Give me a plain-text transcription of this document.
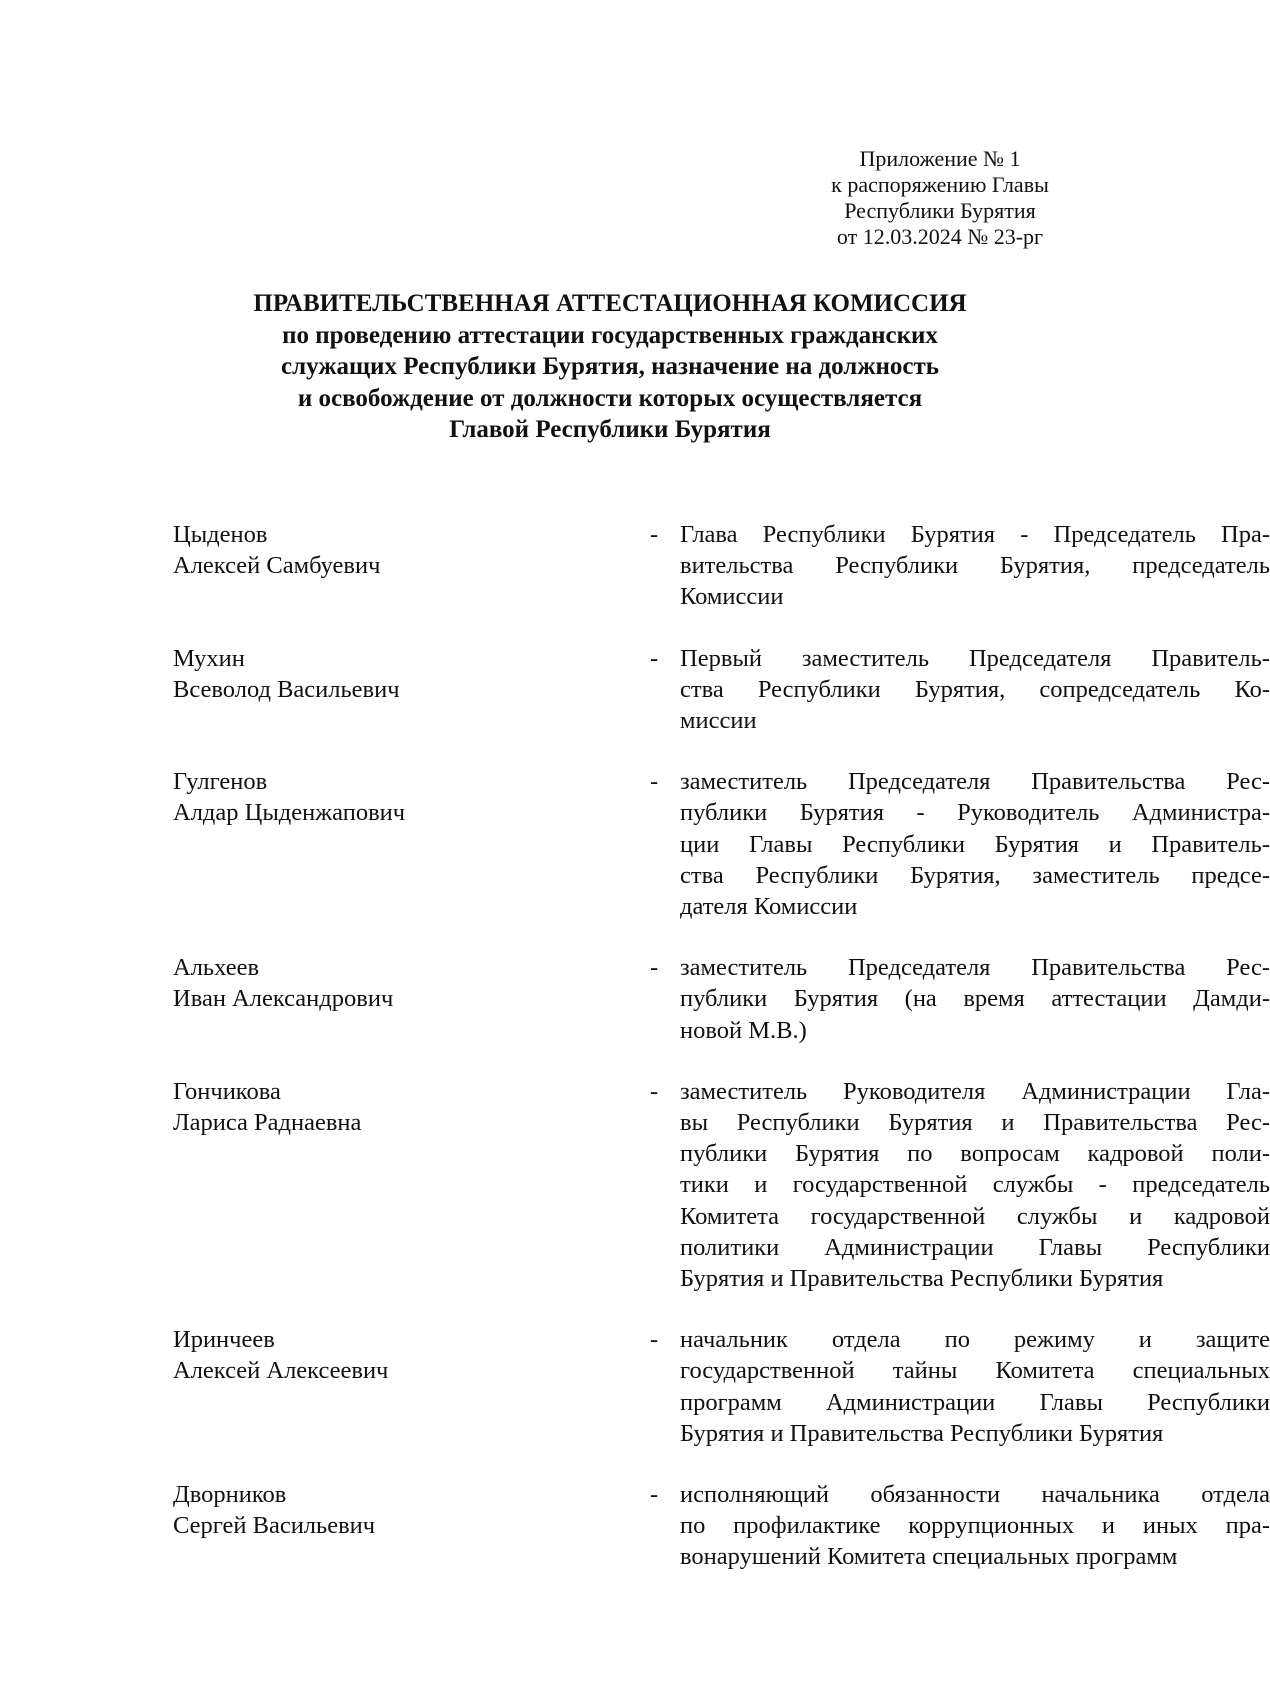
Приложение № 1
к распоряжению Главы
Республики Бурятия
от 12.03.2024 № 23-рг
ПРАВИТЕЛЬСТВЕННАЯ АТТЕСТАЦИОННАЯ КОМИССИЯ
по проведению аттестации государственных гражданских
служащих Республики Бурятия, назначение на должность
и освобождение от должности которых осуществляется
Главой Республики Бурятия
Цыденов
Алексей Самбуевич
- Глава Республики Бурятия - Председатель Пра-
вительства Республики Бурятия, председатель
Комиссии
Мухин
Всеволод Васильевич
- Первый заместитель Председателя Правитель-
ства Республики Бурятия, сопредседатель Ко-
миссии
Гулгенов
Алдар Цыденжапович
- заместитель Председателя Правительства Рес-
публики Бурятия - Руководитель Администра-
ции Главы Республики Бурятия и Правитель-
ства Республики Бурятия, заместитель предсе-
дателя Комиссии
Альхеев
Иван Александрович
- заместитель Председателя Правительства Рес-
публики Бурятия (на время аттестации Дамди-
новой М.В.)
Гончикова
Лариса Раднаевна
- заместитель Руководителя Администрации Гла-
вы Республики Бурятия и Правительства Рес-
публики Бурятия по вопросам кадровой поли-
тики и государственной службы - председатель
Комитета государственной службы и кадровой
политики Администрации Главы Республики
Бурятия и Правительства Республики Бурятия
Иринчеев
Алексей Алексеевич
- начальник отдела по режиму и защите
государственной тайны Комитета специальных
программ Администрации Главы Республики
Бурятия и Правительства Республики Бурятия
Дворников
Сергей Васильевич
- исполняющий обязанности начальника отдела
по профилактике коррупционных и иных пра-
вонарушений Комитета специальных программ
